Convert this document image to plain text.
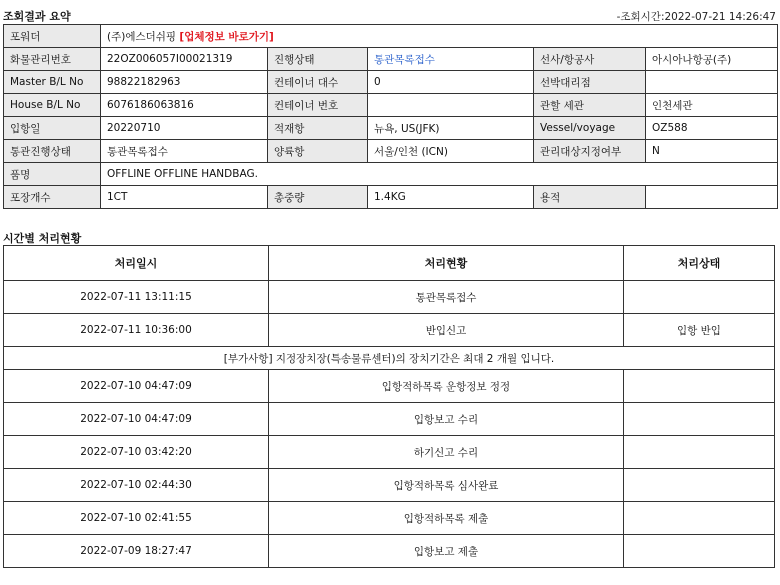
조회결과 요약	-조회시간:2022-07-21 14:26:47
포워더	(주)에스더쉬핑 [업체정보 바로가기]				
화물관리번호	22OZ006057I00021319	진행상태	통관목록접수	선사/항공사	아시아나항공(주)
Master B/L No	98822182963	컨테이너 대수	0	선박대리점	
House B/L No	6076186063816	컨테이너 번호		관할 세관	인천세관
입항일	20220710	적재항	뉴욕, US(JFK)	Vessel/voyage	OZ588
통관진행상태	통관목록접수	양륙항	서울/인천 (ICN)	관리대상지정여부	N
품명	OFFLINE OFFLINE HANDBAG.				
포장개수	1CT	총중량	1.4KG	용적	
시간별 처리현황
처리일시	처리현황	처리상태
2022-07-11 13:11:15	통관목록접수	
2022-07-11 10:36:00	반입신고	입항 반입
[부가사항] 지정장치장(특송물류센터)의 장치기간은 최대 2 개월 입니다.		
2022-07-10 04:47:09	입항적하목록 운항정보 정정	
2022-07-10 04:47:09	입항보고 수리	
2022-07-10 03:42:20	하기신고 수리	
2022-07-10 02:44:30	입항적하목록 심사완료	
2022-07-10 02:41:55	입항적하목록 제출	
2022-07-09 18:27:47	입항보고 제출	
